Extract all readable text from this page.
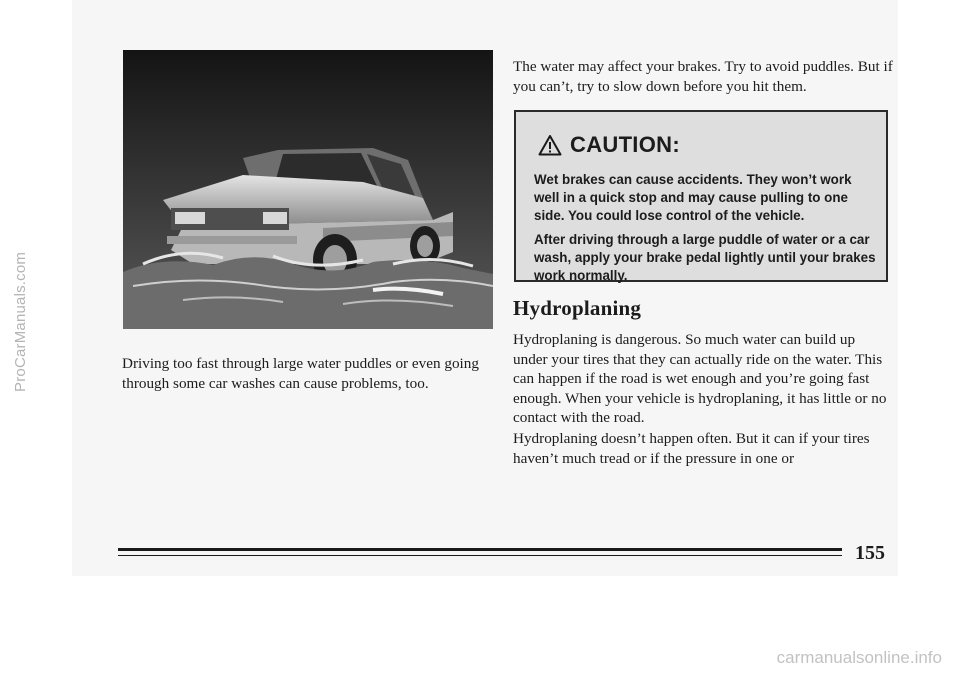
ProCarManuals.com
carmanualsonline.info

Driving too fast through large water puddles or even going through some car washes can cause problems, too.

The water may affect your brakes. Try to avoid puddles. But if you can’t, try to slow down before you hit them.

CAUTION:

Wet brakes can cause accidents. They won’t work well in a quick stop and may cause pulling to one side. You could lose control of the vehicle.

After driving through a large puddle of water or a car wash, apply your brake pedal lightly until your brakes work normally.

Hydroplaning

Hydroplaning is dangerous. So much water can build up under your tires that they can actually ride on the water. This can happen if the road is wet enough and you’re going fast enough. When your vehicle is hydroplaning, it has little or no contact with the road.

Hydroplaning doesn’t happen often. But it can if your tires haven’t much tread or if the pressure in one or

155
